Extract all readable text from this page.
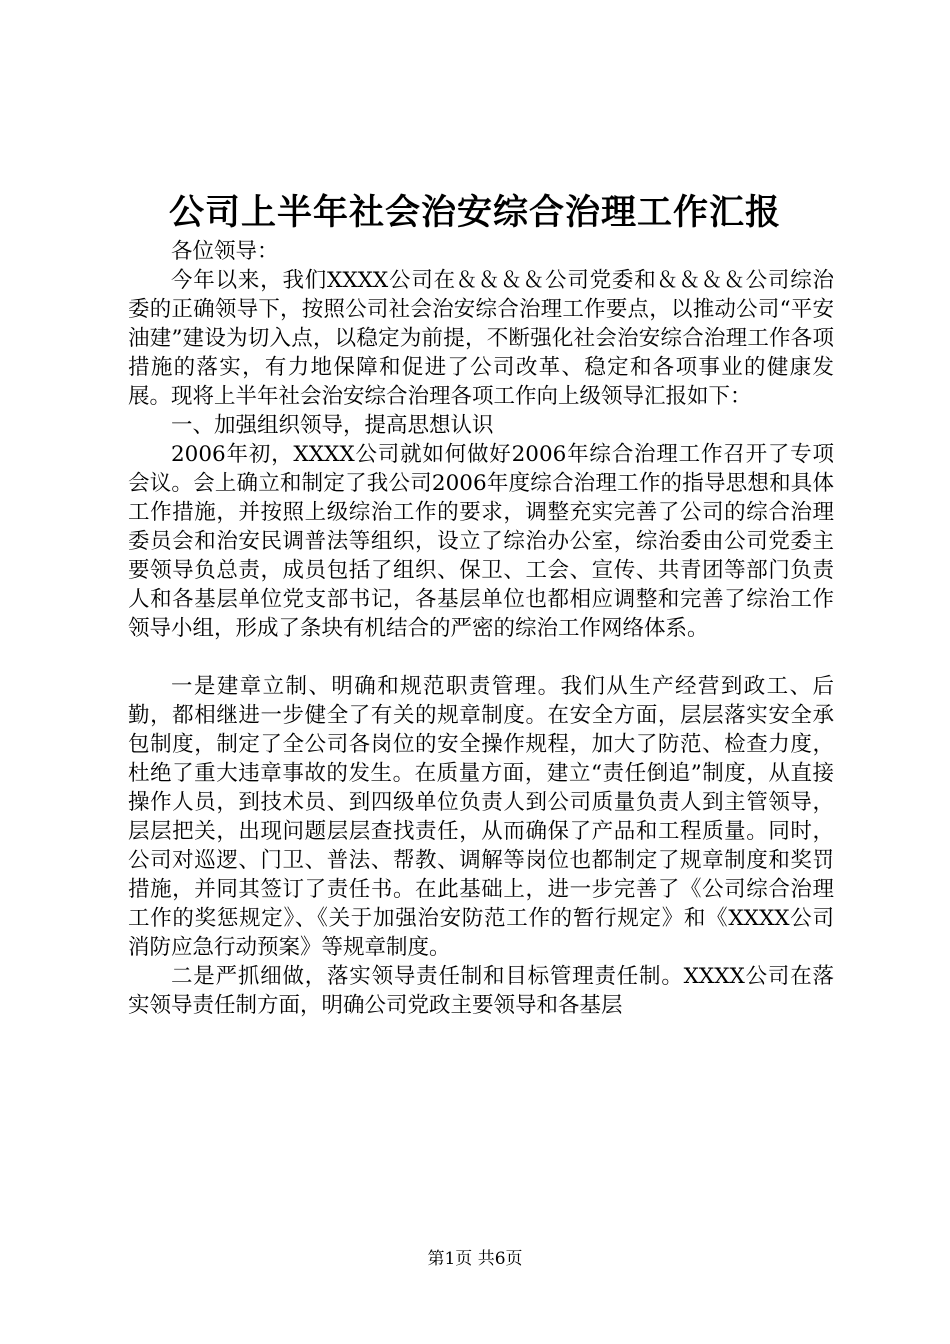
公司上半年社会治安综合治理工作汇报

各位领导：

今年以来，我们XXXX公司在＆＆＆＆公司党委和＆＆＆＆公司综治委的正确领导下，按照公司社会治安综合治理工作要点，以推动公司“平安油建”建设为切入点，以稳定为前提，不断强化社会治安综合治理工作各项措施的落实，有力地保障和促进了公司改革、稳定和各项事业的健康发展。现将上半年社会治安综合治理各项工作向上级领导汇报如下：

一、加强组织领导，提高思想认识

2006年初，XXXX公司就如何做好2006年综合治理工作召开了专项会议。会上确立和制定了我公司2006年度综合治理工作的指导思想和具体工作措施，并按照上级综治工作的要求，调整充实完善了公司的综合治理委员会和治安民调普法等组织，设立了综治办公室，综治委由公司党委主要领导负总责，成员包括了组织、保卫、工会、宣传、共青团等部门负责人和各基层单位党支部书记，各基层单位也都相应调整和完善了综治工作领导小组，形成了条块有机结合的严密的综治工作网络体系。

一是建章立制、明确和规范职责管理。我们从生产经营到政工、后勤，都相继进一步健全了有关的规章制度。在安全方面，层层落实安全承包制度，制定了全公司各岗位的安全操作规程，加大了防范、检查力度，杜绝了重大违章事故的发生。在质量方面，建立“责任倒追”制度，从直接操作人员，到技术员、到四级单位负责人到公司质量负责人到主管领导，层层把关，出现问题层层查找责任，从而确保了产品和工程质量。同时，公司对巡逻、门卫、普法、帮教、调解等岗位也都制定了规章制度和奖罚措施，并同其签订了责任书。在此基础上，进一步完善了《公司综合治理工作的奖惩规定》、《关于加强治安防范工作的暂行规定》和《XXXX公司消防应急行动预案》等规章制度。

二是严抓细做，落实领导责任制和目标管理责任制。XXXX公司在落实领导责任制方面，明确公司党政主要领导和各基层

第1页 共6页
